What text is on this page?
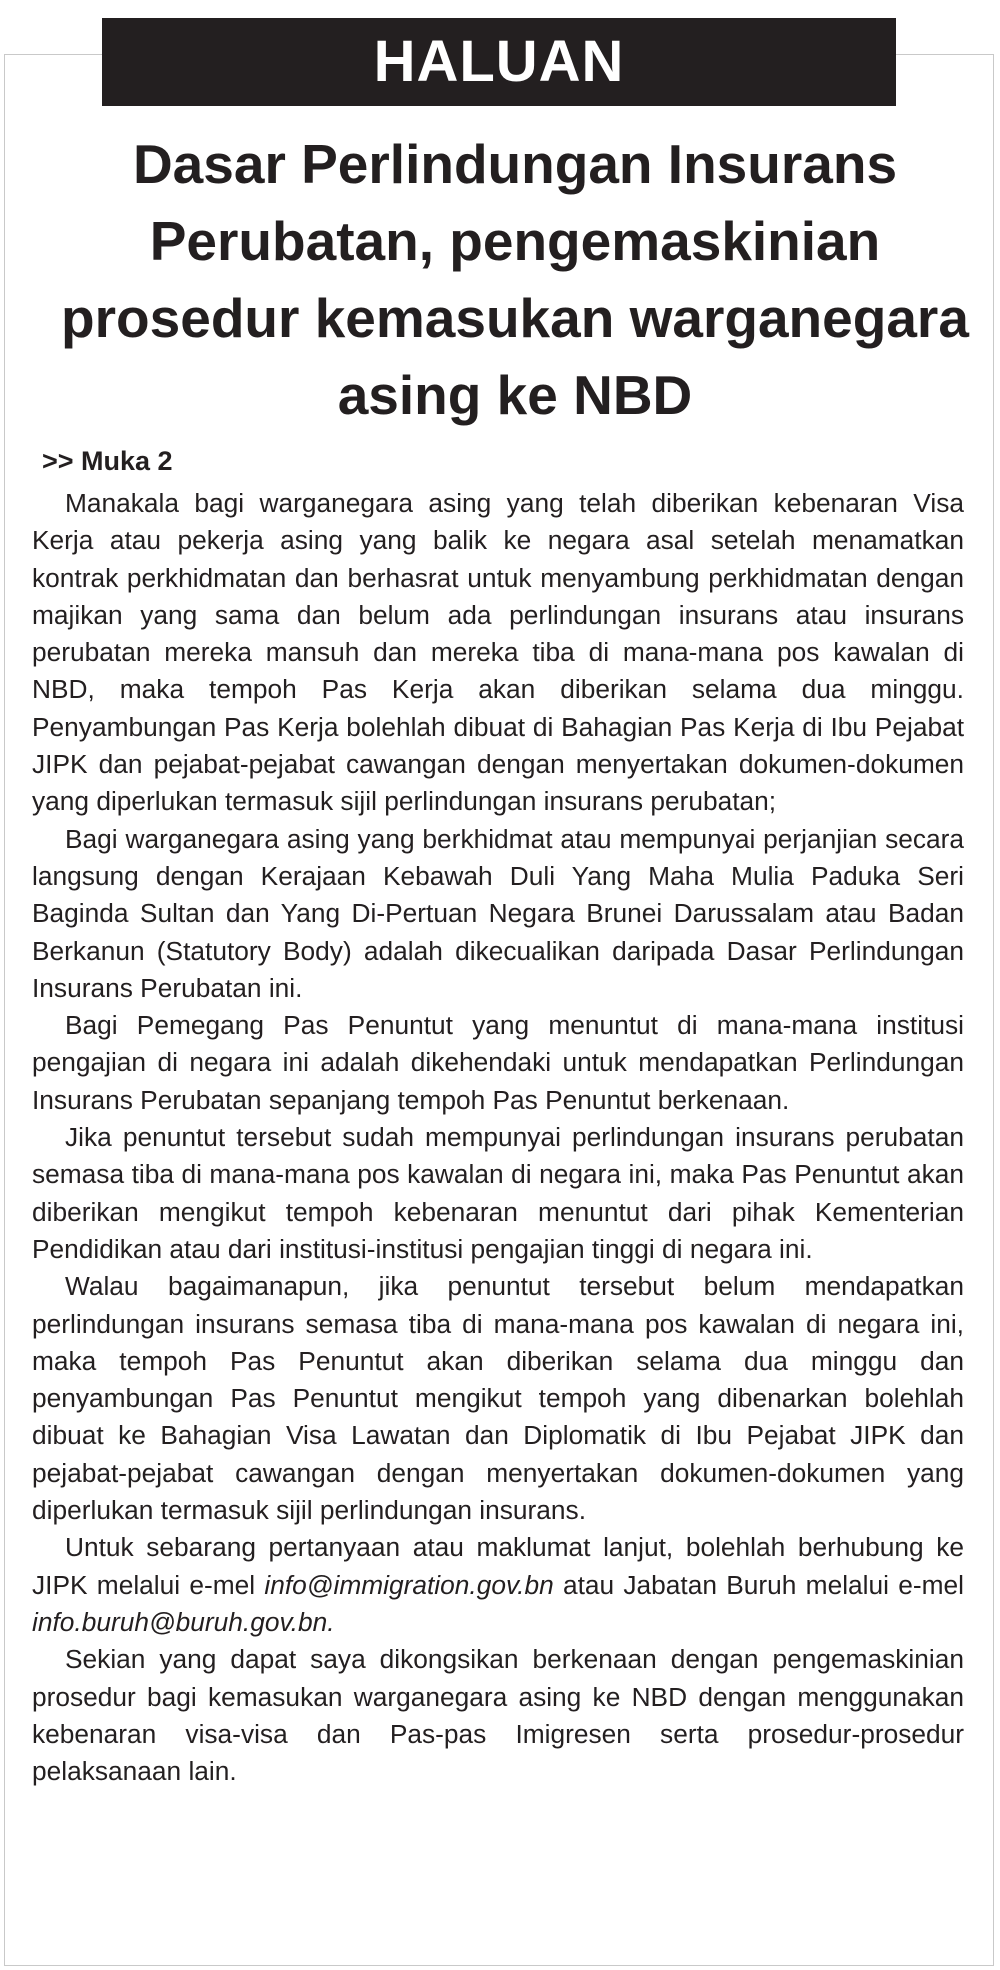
HALUAN
Dasar Perlindungan Insurans Perubatan, pengemaskinian prosedur kemasukan warganegara asing ke NBD
>> Muka 2

Manakala bagi warganegara asing yang telah diberikan kebenaran Visa Kerja atau pekerja asing yang balik ke negara asal setelah menamatkan kontrak perkhidmatan dan berhasrat untuk menyambung perkhidmatan dengan majikan yang sama dan belum ada perlindungan insurans atau insurans perubatan mereka mansuh dan mereka tiba di mana-mana pos kawalan di NBD, maka tempoh Pas Kerja akan diberikan selama dua minggu. Penyambungan Pas Kerja bolehlah dibuat di Bahagian Pas Kerja di Ibu Pejabat JIPK dan pejabat-pejabat cawangan dengan menyertakan dokumen-dokumen yang diperlukan termasuk sijil perlindungan insurans perubatan;

Bagi warganegara asing yang berkhidmat atau mempunyai perjanjian secara langsung dengan Kerajaan Kebawah Duli Yang Maha Mulia Paduka Seri Baginda Sultan dan Yang Di-Pertuan Negara Brunei Darussalam atau Badan Berkanun (Statutory Body) adalah dikecualikan daripada Dasar Perlindungan Insurans Perubatan ini.

Bagi Pemegang Pas Penuntut yang menuntut di mana-mana institusi pengajian di negara ini adalah dikehendaki untuk mendapatkan Perlindungan Insurans Perubatan sepanjang tempoh Pas Penuntut berkenaan.

Jika penuntut tersebut sudah mempunyai perlindungan insurans perubatan semasa tiba di mana-mana pos kawalan di negara ini, maka Pas Penuntut akan diberikan mengikut tempoh kebenaran menuntut dari pihak Kementerian Pendidikan atau dari institusi-institusi pengajian tinggi di negara ini.

Walau bagaimanapun, jika penuntut tersebut belum mendapatkan perlindungan insurans semasa tiba di mana-mana pos kawalan di negara ini, maka tempoh Pas Penuntut akan diberikan selama dua minggu dan penyambungan Pas Penuntut mengikut tempoh yang dibenarkan bolehlah dibuat ke Bahagian Visa Lawatan dan Diplomatik di Ibu Pejabat JIPK dan pejabat-pejabat cawangan dengan menyertakan dokumen-dokumen yang diperlukan termasuk sijil perlindungan insurans.

Untuk sebarang pertanyaan atau maklumat lanjut, bolehlah berhubung ke JIPK melalui e-mel info@immigration.gov.bn atau Jabatan Buruh melalui e-mel info.buruh@buruh.gov.bn.

Sekian yang dapat saya dikongsikan berkenaan dengan pengemaskinian prosedur bagi kemasukan warganegara asing ke NBD dengan menggunakan kebenaran visa-visa dan Pas-pas Imigresen serta prosedur-prosedur pelaksanaan lain.
